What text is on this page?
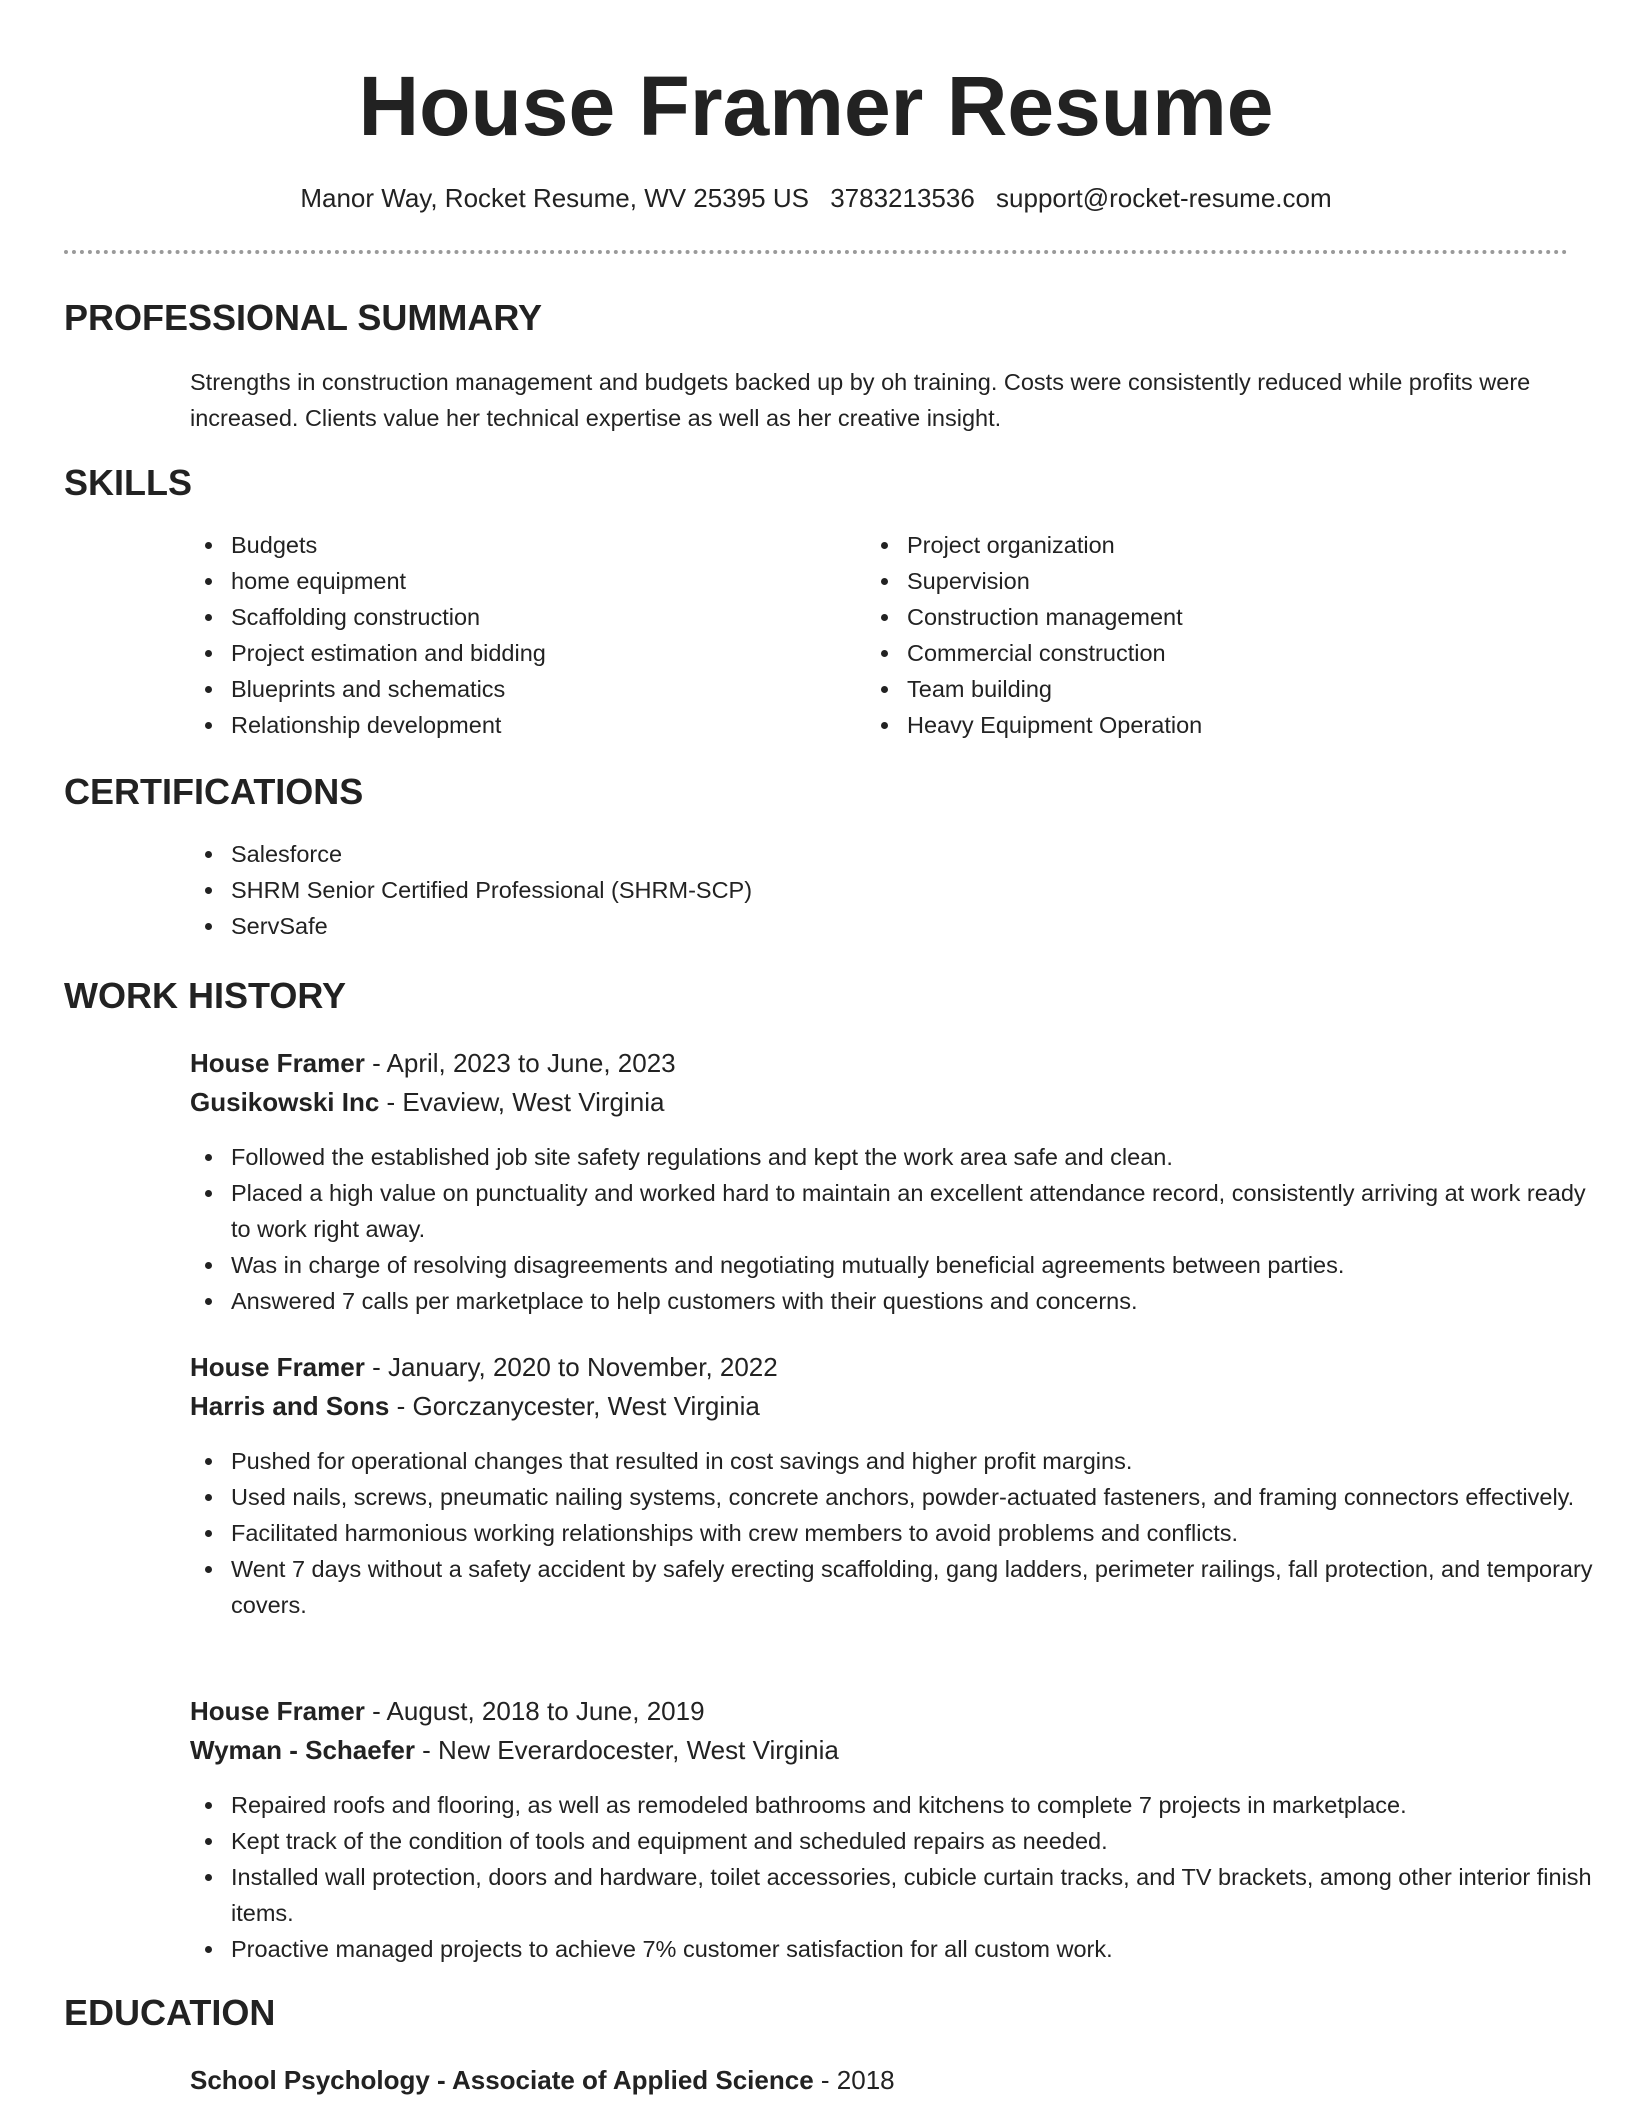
House Framer Resume
Manor Way, Rocket Resume, WV 25395 US 3783213536 support@rocket-resume.com
PROFESSIONAL SUMMARY
Strengths in construction management and budgets backed up by oh training. Costs were consistently reduced while profits were increased. Clients value her technical expertise as well as her creative insight.
SKILLS
Budgets
home equipment
Scaffolding construction
Project estimation and bidding
Blueprints and schematics
Relationship development
Project organization
Supervision
Construction management
Commercial construction
Team building
Heavy Equipment Operation
CERTIFICATIONS
Salesforce
SHRM Senior Certified Professional (SHRM-SCP)
ServSafe
WORK HISTORY
House Framer - April, 2023 to June, 2023
Gusikowski Inc - Evaview, West Virginia
Followed the established job site safety regulations and kept the work area safe and clean.
Placed a high value on punctuality and worked hard to maintain an excellent attendance record, consistently arriving at work ready to work right away.
Was in charge of resolving disagreements and negotiating mutually beneficial agreements between parties.
Answered 7 calls per marketplace to help customers with their questions and concerns.
House Framer - January, 2020 to November, 2022
Harris and Sons - Gorczanycester, West Virginia
Pushed for operational changes that resulted in cost savings and higher profit margins.
Used nails, screws, pneumatic nailing systems, concrete anchors, powder-actuated fasteners, and framing connectors effectively.
Facilitated harmonious working relationships with crew members to avoid problems and conflicts.
Went 7 days without a safety accident by safely erecting scaffolding, gang ladders, perimeter railings, fall protection, and temporary covers.
House Framer - August, 2018 to June, 2019
Wyman - Schaefer - New Everardocester, West Virginia
Repaired roofs and flooring, as well as remodeled bathrooms and kitchens to complete 7 projects in marketplace.
Kept track of the condition of tools and equipment and scheduled repairs as needed.
Installed wall protection, doors and hardware, toilet accessories, cubicle curtain tracks, and TV brackets, among other interior finish items.
Proactive managed projects to achieve 7% customer satisfaction for all custom work.
EDUCATION
School Psychology - Associate of Applied Science - 2018
